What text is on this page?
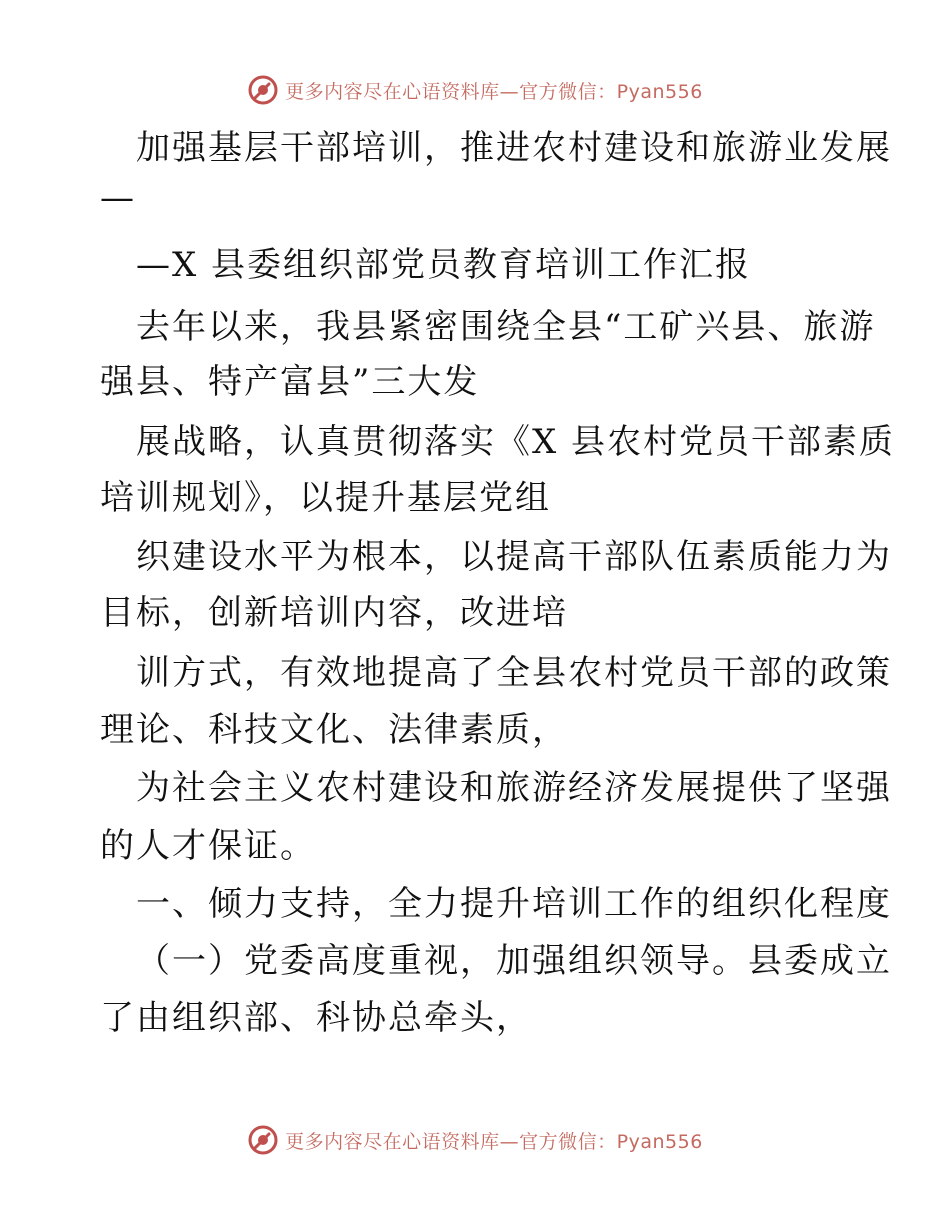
更多内容尽在心语资料库—官方微信：Pyan556
加强基层干部培训，推进农村建设和旅游业发展
—
—X 县委组织部党员教育培训工作汇报
去年以来，我县紧密围绕全县“工矿兴县、旅游
强县、特产富县”三大发
展战略，认真贯彻落实《X 县农村党员干部素质
培训规划》，以提升基层党组
织建设水平为根本，以提高干部队伍素质能力为
目标，创新培训内容，改进培
训方式，有效地提高了全县农村党员干部的政策
理论、科技文化、法律素质，
为社会主义农村建设和旅游经济发展提供了坚强
的人才保证。
一、倾力支持，全力提升培训工作的组织化程度
（一）党委高度重视，加强组织领导。县委成立
了由组织部、科协总牵头，
更多内容尽在心语资料库—官方微信：Pyan556
